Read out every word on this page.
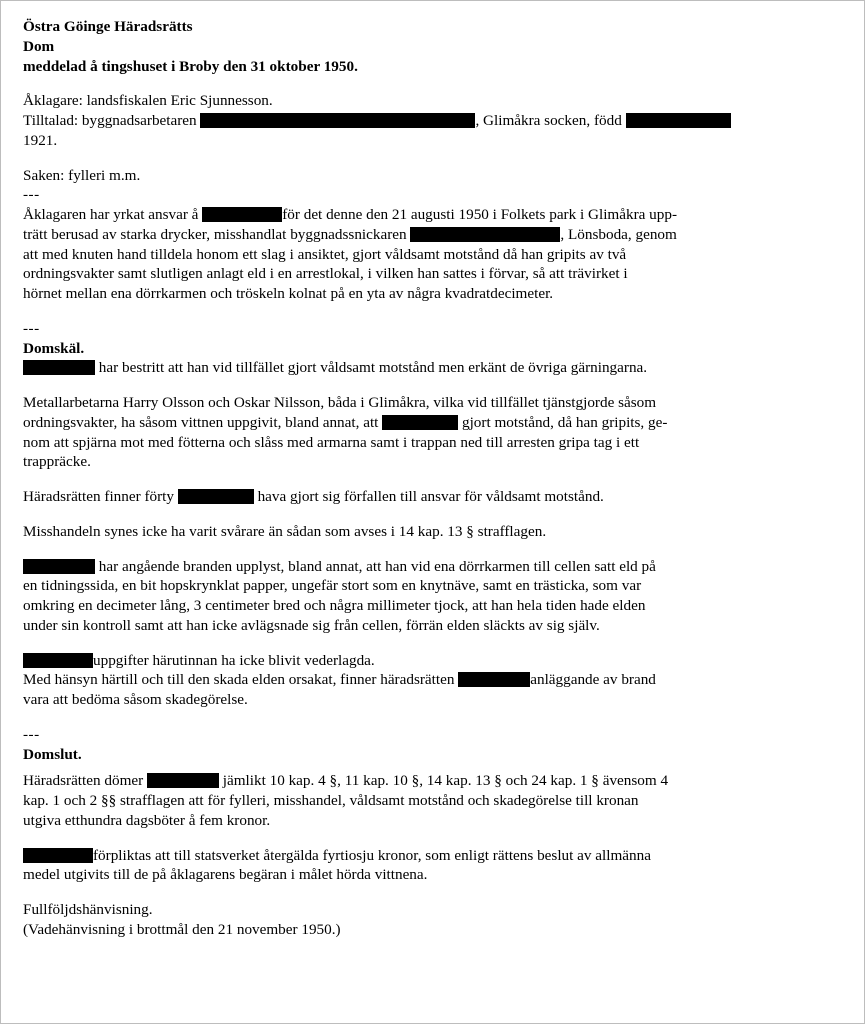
Östra Göinge Häradsrätts
Dom
meddelad å tingshuset i Broby den 31 oktober 1950.

Åklagare: landsfiskalen Eric Sjunnesson.

Tilltalad: byggnadsarbetaren	, Glimåkra socken, född

1921.

Saken: fylleri m.m.

---

Åklagaren har yrkat ansvar å	för det denne den 21 augusti 1950 i Folkets park i Glimåkra upp-

trätt berusad av starka drycker, misshandlat byggnadssnickaren	, Lönsboda, genom

att med knuten hand tilldela honom ett slag i ansiktet, gjort våldsamt motstånd då han gripits av två

ordningsvakter samt slutligen anlagt eld i en arrestlokal, i vilken han sattes i förvar, så att trävirket i

hörnet mellan ena dörrkarmen och tröskeln kolnat på en yta av några kvadratdecimeter.

---

Domskäl.

har bestritt att han vid tillfället gjort våldsamt motstånd men erkänt de övriga gärningarna.

Metallarbetarna Harry Olsson och Oskar Nilsson, båda i Glimåkra, vilka vid tillfället tjänstgjorde såsom

ordningsvakter, ha såsom vittnen uppgivit, bland annat, att	gjort motstånd, då han gripits, ge-

nom att spjärna mot med fötterna och slåss med armarna samt i trappan ned till arresten gripa tag i ett

trappräcke.

Häradsrätten finner förty	hava gjort sig förfallen till ansvar för våldsamt motstånd.

Misshandeln synes icke ha varit svårare än sådan som avses i 14 kap. 13 § strafflagen.

har angående branden upplyst, bland annat, att han vid ena dörrkarmen till cellen satt eld på

en tidningssida, en bit hopskrynklat papper, ungefär stort som en knytnäve, samt en trästicka, som var

omkring en decimeter lång, 3 centimeter bred och några millimeter tjock, att han hela tiden hade elden

under sin kontroll samt att han icke avlägsnade sig från cellen, förrän elden släckts av sig själv.

uppgifter härutinnan ha icke blivit vederlagda.

Med hänsyn härtill och till den skada elden orsakat, finner häradsrätten	anläggande av brand

vara att bedöma såsom skadegörelse.

---

Domslut.

Häradsrätten dömer	jämlikt 10 kap. 4 §, 11 kap. 10 §, 14 kap. 13 § och 24 kap. 1 § ävensom 4

kap. 1 och 2 §§ strafflagen att för fylleri, misshandel, våldsamt motstånd och skadegörelse till kronan

utgiva etthundra dagsböter å fem kronor.

förpliktas att till statsverket återgälda fyrtiosju kronor, som enligt rättens beslut av allmänna

medel utgivits till de på åklagarens begäran i målet hörda vittnena.

Fullföljdshänvisning.

(Vadehänvisning i brottmål den 21 november 1950.)
